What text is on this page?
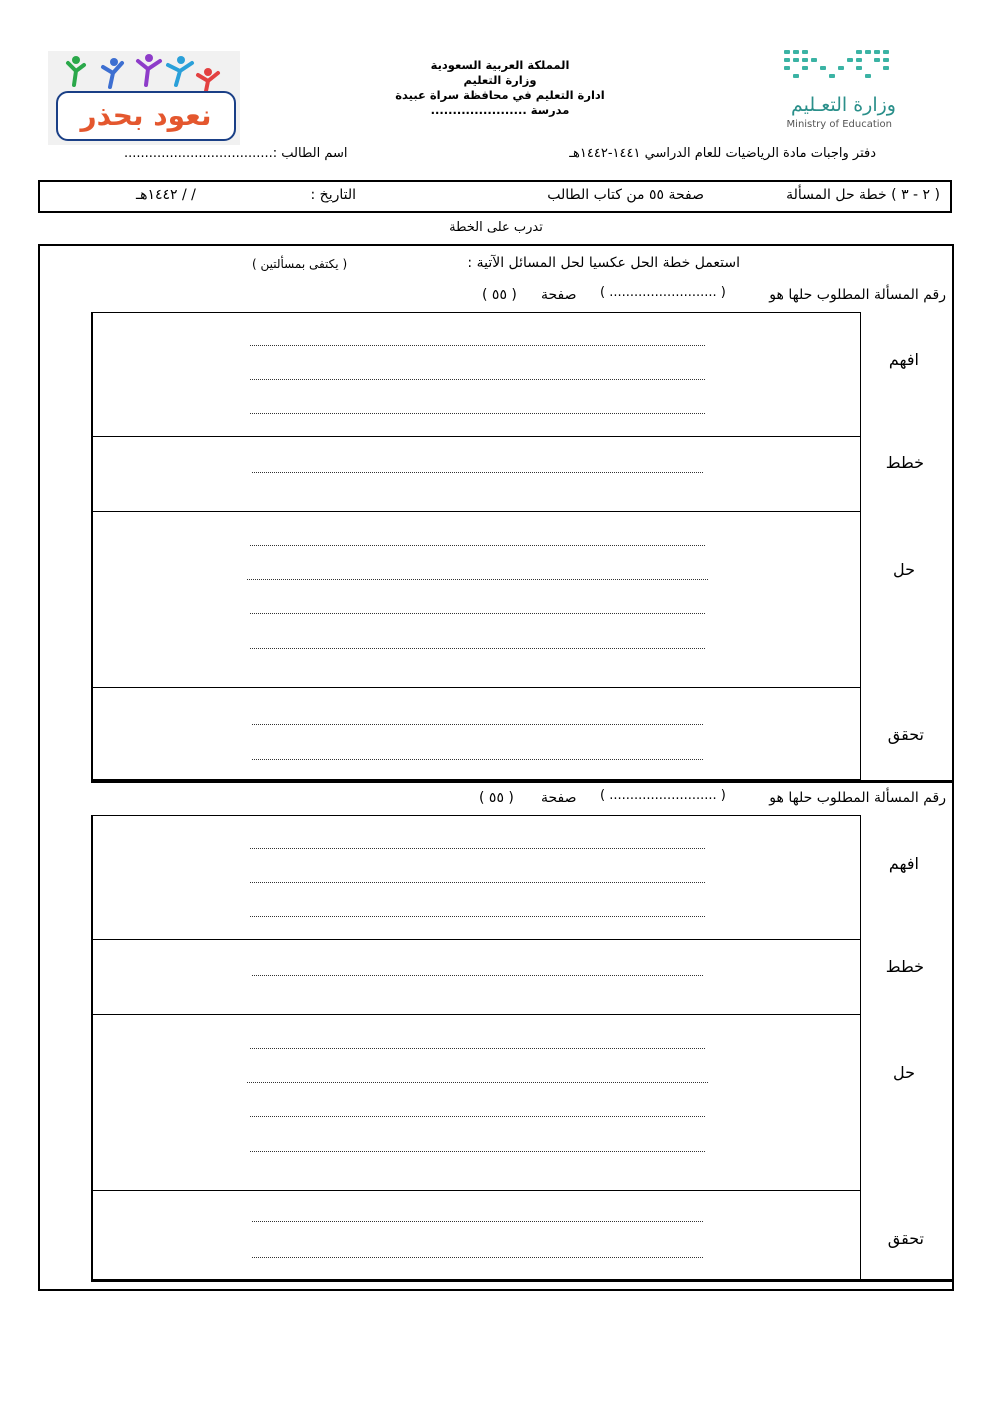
نعود بحذر
المملكة العربية السعودية
وزارة التعليم
ادارة التعليم في محافظة سراة عبيدة
مدرسة ......................	وزارة التعـليم
Ministry of Education
دفتر واجبات مادة الرياضيات للعام الدراسي ١٤٤١-١٤٤٢هـ
اسم الطالب :....................................
( ٢ - ٣ ) خطة حل المسألة
صفحة ٥٥ من كتاب الطالب
التاريخ :
/ / ١٤٤٢هـ
تدرب على الخطة
استعمل خطة الحل عكسيا لحل المسائل الآتية :
( يكتفى بمسألتين )
رقم المسألة المطلوب حلها هو
( .......................... )
صفحة
( ٥٥ )
افهم
خطط
حل
تحقق
رقم المسألة المطلوب حلها هو
( .......................... )
صفحة
( ٥٥ )
افهم
خطط
حل
تحقق
